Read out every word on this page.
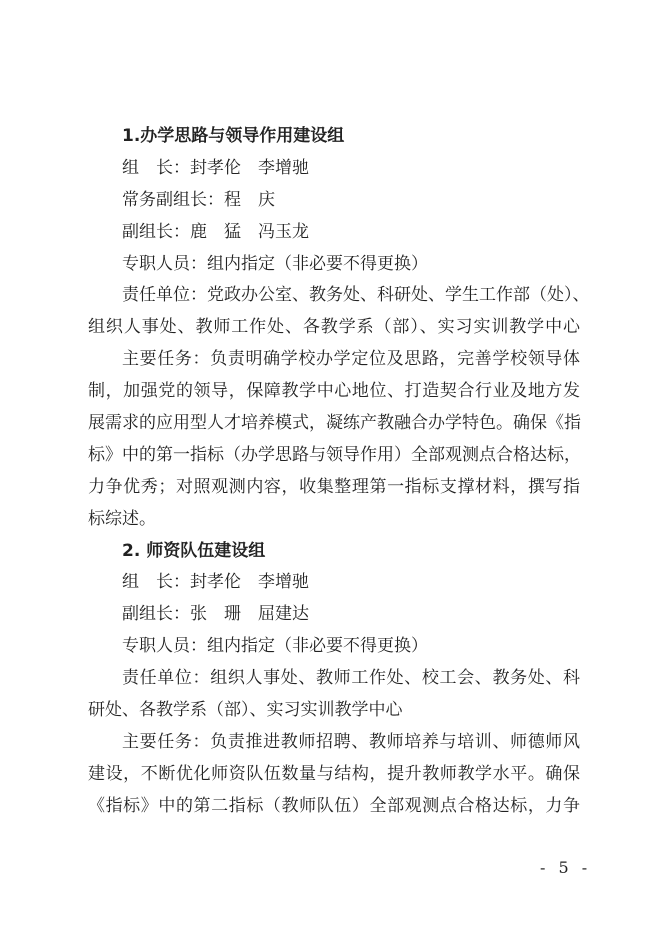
1.办学思路与领导作用建设组
组　长：封孝伦　李增驰
常务副组长：程　庆
副组长：鹿　猛　冯玉龙
专职人员：组内指定（非必要不得更换）
责任单位：党政办公室、教务处、科研处、学生工作部（处）、
组织人事处、教师工作处、各教学系（部）、实习实训教学中心
主要任务：负责明确学校办学定位及思路，完善学校领导体
制，加强党的领导，保障教学中心地位、打造契合行业及地方发
展需求的应用型人才培养模式，凝练产教融合办学特色。确保《指
标》中的第一指标（办学思路与领导作用）全部观测点合格达标，
力争优秀；对照观测内容，收集整理第一指标支撑材料，撰写指
标综述。
2. 师资队伍建设组
组　长：封孝伦　李增驰
副组长：张　珊　屈建达
专职人员：组内指定（非必要不得更换）
责任单位：组织人事处、教师工作处、校工会、教务处、科
研处、各教学系（部）、实习实训教学中心
主要任务：负责推进教师招聘、教师培养与培训、师德师风
建设，不断优化师资队伍数量与结构，提升教师教学水平。确保
《指标》中的第二指标（教师队伍）全部观测点合格达标，力争
- 5 -
